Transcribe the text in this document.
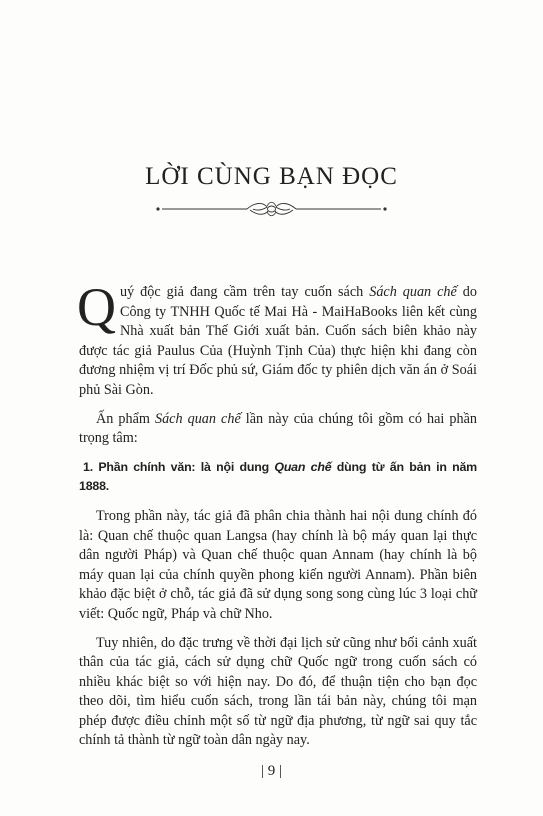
LỜI CÙNG BẠN ĐỌC

Quý độc giả đang cầm trên tay cuốn sách Sách quan chế do Công ty TNHH Quốc tế Mai Hà - MaiHaBooks liên kết cùng Nhà xuất bản Thế Giới xuất bản. Cuốn sách biên khảo này được tác giả Paulus Của (Huỳnh Tịnh Của) thực hiện khi đang còn đương nhiệm vị trí Đốc phủ sứ, Giám đốc ty phiên dịch văn án ở Soái phủ Sài Gòn.

Ấn phẩm Sách quan chế lần này của chúng tôi gồm có hai phần trọng tâm:

1. Phần chính văn: là nội dung Quan chế dùng từ ấn bản in năm 1888.

Trong phần này, tác giả đã phân chia thành hai nội dung chính đó là: Quan chế thuộc quan Langsa (hay chính là bộ máy quan lại thực dân người Pháp) và Quan chế thuộc quan Annam (hay chính là bộ máy quan lại của chính quyền phong kiến người Annam). Phần biên khảo đặc biệt ở chỗ, tác giả đã sử dụng song song cùng lúc 3 loại chữ viết: Quốc ngữ, Pháp và chữ Nho.

Tuy nhiên, do đặc trưng về thời đại lịch sử cũng như bối cảnh xuất thân của tác giả, cách sử dụng chữ Quốc ngữ trong cuốn sách có nhiều khác biệt so với hiện nay. Do đó, để thuận tiện cho bạn đọc theo dõi, tìm hiểu cuốn sách, trong lần tái bản này, chúng tôi mạn phép được điều chỉnh một số từ ngữ địa phương, từ ngữ sai quy tắc chính tả thành từ ngữ toàn dân ngày nay.

| 9 |
